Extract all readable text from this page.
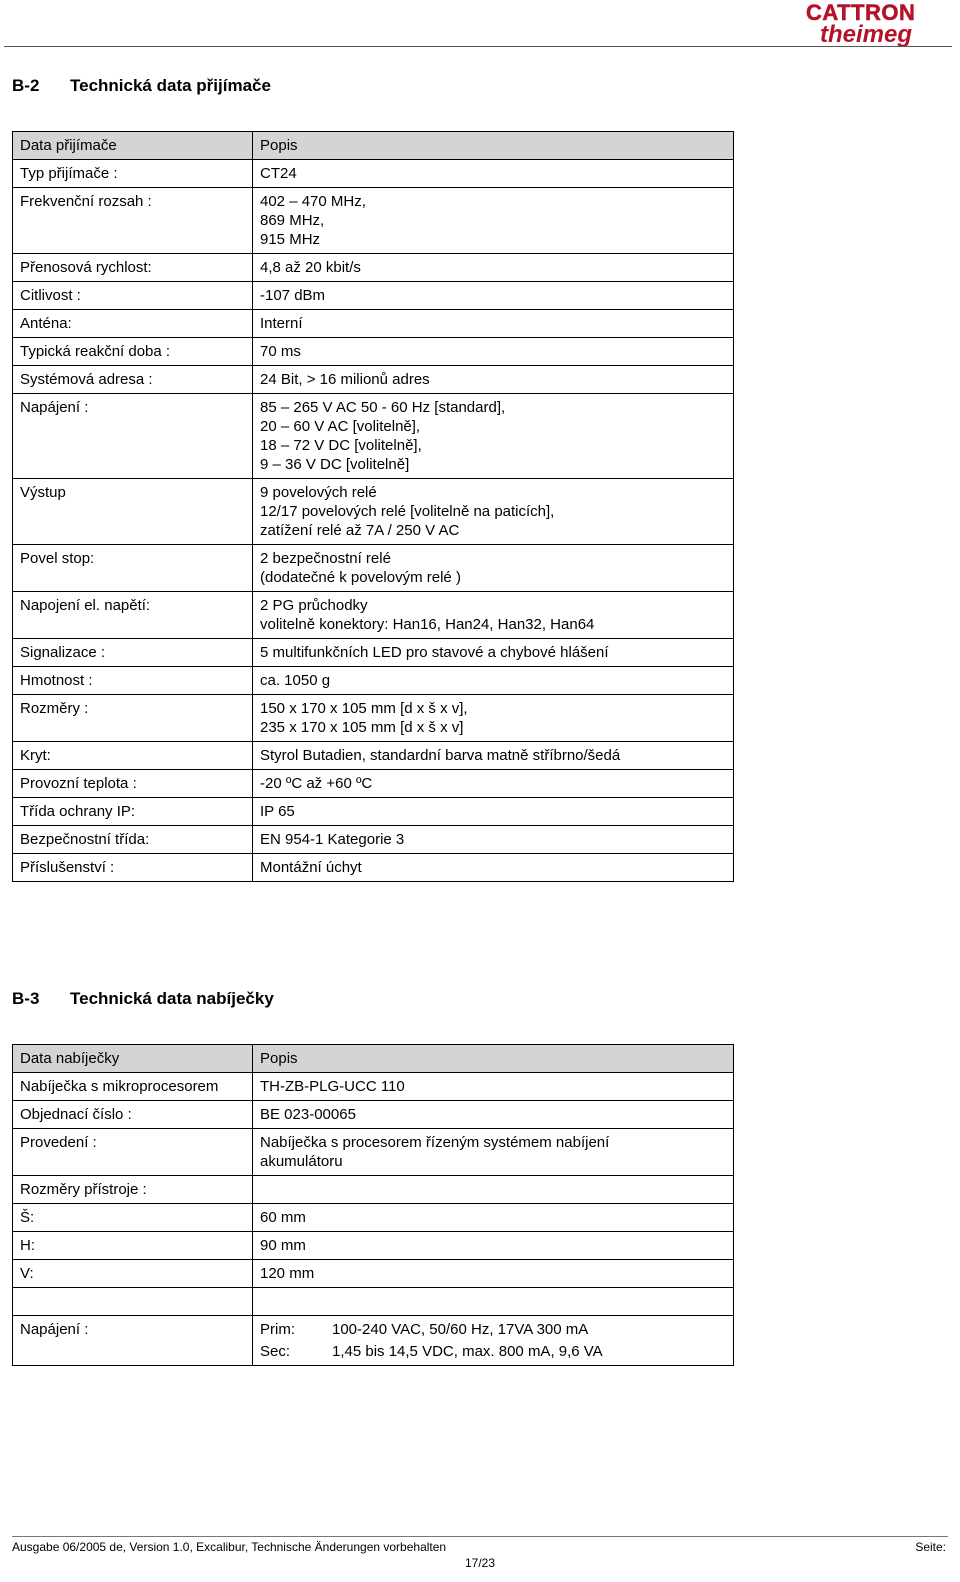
CATTRON
theimeg
B-2 Technická data přijímače
Data přijímače	Popis
Typ přijímače :	CT24

Frekvenční rozsah :	402 – 470 MHz,
869 MHz,
915 MHz

Přenosová rychlost:	4,8 až 20 kbit/s

Citlivost :	-107 dBm

Anténa:	Interní

Typická reakční doba :	70 ms

Systémová adresa :	24 Bit, > 16 milionů adres

Napájení :	85 – 265 V AC 50 - 60 Hz [standard],
20 – 60 V AC [volitelně],
18 – 72 V DC [volitelně],
9 – 36 V DC [volitelně]

Výstup	9 povelových relé
12/17 povelových relé [volitelně na paticích],
zatížení relé až 7A / 250 V AC

Povel stop:	2 bezpečnostní relé
(dodatečné k povelovým relé )

Napojení el. napětí:	2 PG průchodky
volitelně konektory: Han16, Han24, Han32, Han64

Signalizace :	5 multifunkčních LED pro stavové a chybové hlášení

Hmotnost :	ca. 1050 g

Rozměry :	150 x 170 x 105 mm [d x š x v],
235 x 170 x 105 mm [d x š x v]

Kryt:	Styrol Butadien, standardní barva matně stříbrno/šedá

Provozní teplota :	-20 ºC až +60 ºC

Třída ochrany IP:	IP 65

Bezpečnostní třída:	EN 954-1 Kategorie 3

Příslušenství :	Montážní úchyt
B-3 Technická data nabíječky
Data nabíječky	Popis
Nabíječka s mikroprocesorem	TH-ZB-PLG-UCC 110

Objednací číslo :	BE 023-00065

Provedení :	Nabíječka s procesorem řízeným systémem nabíjení
akumulátoru

Rozměry přístroje :	
Š:	60 mm

H:	90 mm

V:	120 mm

Napájení :	Prim: 100-240 VAC, 50/60 Hz, 17VA 300 mA
Sec: 1,45 bis 14,5 VDC, max. 800 mA, 9,6 VA
Ausgabe 06/2005 de, Version 1.0, Excalibur, Technische Änderungen vorbehalten	Seite:
17/23
